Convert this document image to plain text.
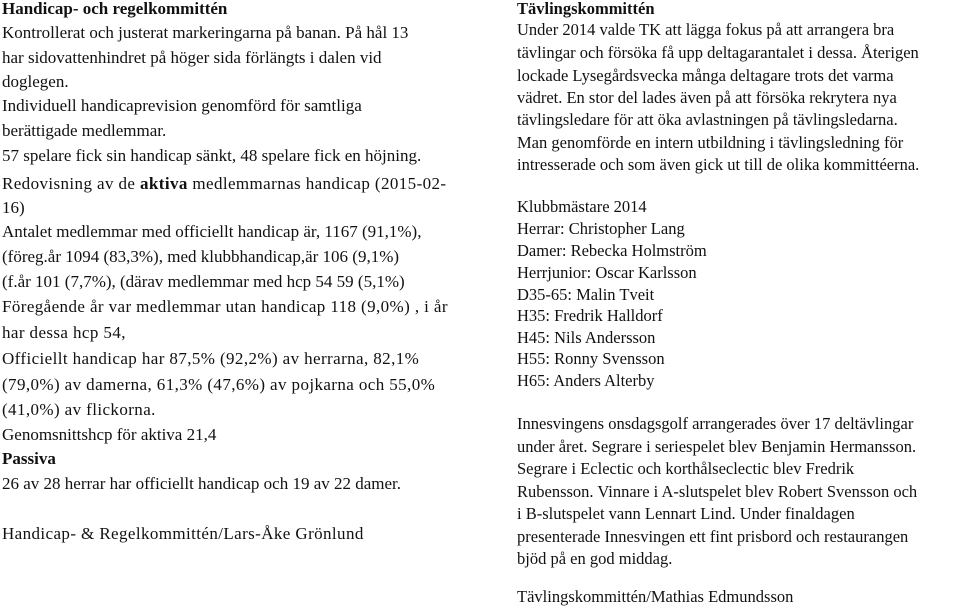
Handicap- och regelkommittén
Kontrollerat och justerat markeringarna på banan. På hål 13
har sidovattenhindret på höger sida förlängts i dalen vid
doglegen.
Individuell handicaprevision genomförd för samtliga
berättigade medlemmar.
57 spelare fick sin handicap sänkt, 48 spelare fick en höjning.
Redovisning av de aktiva medlemmarnas handicap (2015-02-
16)
Antalet medlemmar med officiellt handicap är, 1167 (91,1%),
(föreg.år 1094 (83,3%), med klubbhandicap,är 106 (9,1%)
(f.år 101 (7,7%), (därav medlemmar med hcp 54 59 (5,1%)
Föregående år var medlemmar utan handicap 118 (9,0%) , i år
har dessa hcp 54,
Officiellt handicap har 87,5% (92,2%) av herrarna, 82,1%
(79,0%) av damerna, 61,3% (47,6%) av pojkarna och 55,0%
(41,0%) av flickorna.
Genomsnittshcp för aktiva 21,4
Passiva
26 av 28 herrar har officiellt handicap och 19 av 22 damer.
Handicap- & Regelkommittén/Lars-Åke Grönlund
Tävlingskommittén
Under 2014 valde TK att lägga fokus på att arrangera bra
tävlingar och försöka få upp deltagarantalet i dessa. Återigen
lockade Lysegårdsvecka många deltagare trots det varma
vädret. En stor del lades även på att försöka rekrytera nya
tävlingsledare för att öka avlastningen på tävlingsledarna.
Man genomförde en intern utbildning i tävlingsledning för
intresserade och som även gick ut till de olika kommittéerna.
Klubbmästare 2014
Herrar: Christopher Lang
Damer: Rebecka Holmström
Herrjunior: Oscar Karlsson
D35-65: Malin Tveit
H35: Fredrik Halldorf
H45: Nils Andersson
H55: Ronny Svensson
H65: Anders Alterby
Innesvingens onsdagsgolf arrangerades över 17 deltävlingar
under året. Segrare i seriespelet blev Benjamin Hermansson.
Segrare i Eclectic och korthålseclectic blev Fredrik
Rubensson. Vinnare i A-slutspelet blev Robert Svensson och
i B-slutspelet vann Lennart Lind. Under finaldagen
presenterade Innesvingen ett fint prisbord och restaurangen
bjöd på en god middag.
Tävlingskommittén/Mathias Edmundsson
